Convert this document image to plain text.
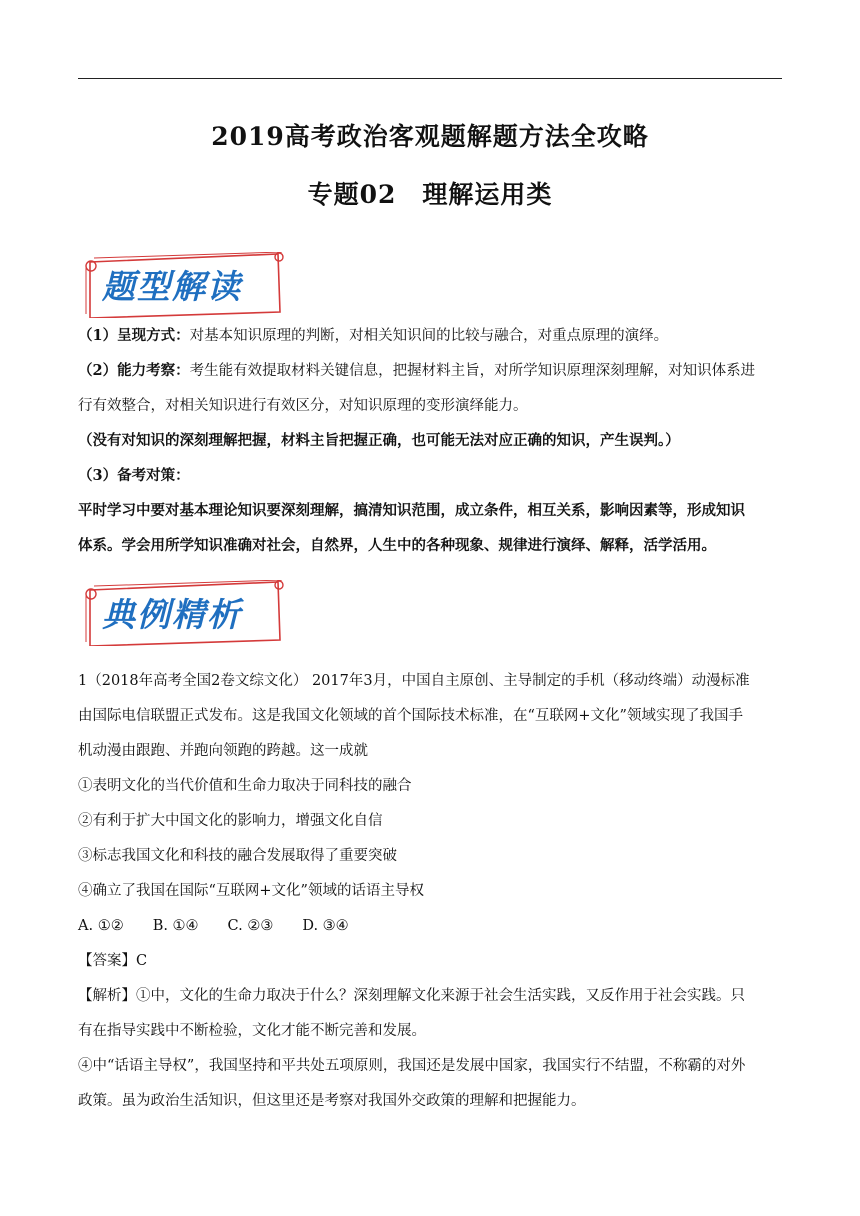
2019高考政治客观题解题方法全攻略
专题02 理解运用类
题型解读
（1）呈现方式：对基本知识原理的判断，对相关知识间的比较与融合，对重点原理的演绎。
（2）能力考察：考生能有效提取材料关键信息，把握材料主旨，对所学知识原理深刻理解，对知识体系进
行有效整合，对相关知识进行有效区分，对知识原理的变形演绎能力。
（没有对知识的深刻理解把握，材料主旨把握正确，也可能无法对应正确的知识，产生误判。）
（3）备考对策：
平时学习中要对基本理论知识要深刻理解，搞清知识范围，成立条件，相互关系，影响因素等，形成知识
体系。学会用所学知识准确对社会，自然界，人生中的各种现象、规律进行演绎、解释，活学活用。
典例精析
1（2018年高考全国2卷文综文化） 2017年3月，中国自主原创、主导制定的手机（移动终端）动漫标准
由国际电信联盟正式发布。这是我国文化领域的首个国际技术标准，在“互联网+文化”领域实现了我国手
机动漫由跟跑、并跑向领跑的跨越。这一成就
①表明文化的当代价值和生命力取决于同科技的融合
②有利于扩大中国文化的影响力，增强文化自信
③标志我国文化和科技的融合发展取得了重要突破
④确立了我国在国际“互联网+文化”领域的话语主导权
A. ①②　　B. ①④　　C. ②③　　D. ③④
【答案】C
【解析】①中，文化的生命力取决于什么？深刻理解文化来源于社会生活实践，又反作用于社会实践。只
有在指导实践中不断检验，文化才能不断完善和发展。
④中“话语主导权”，我国坚持和平共处五项原则，我国还是发展中国家，我国实行不结盟，不称霸的对外
政策。虽为政治生活知识，但这里还是考察对我国外交政策的理解和把握能力。
